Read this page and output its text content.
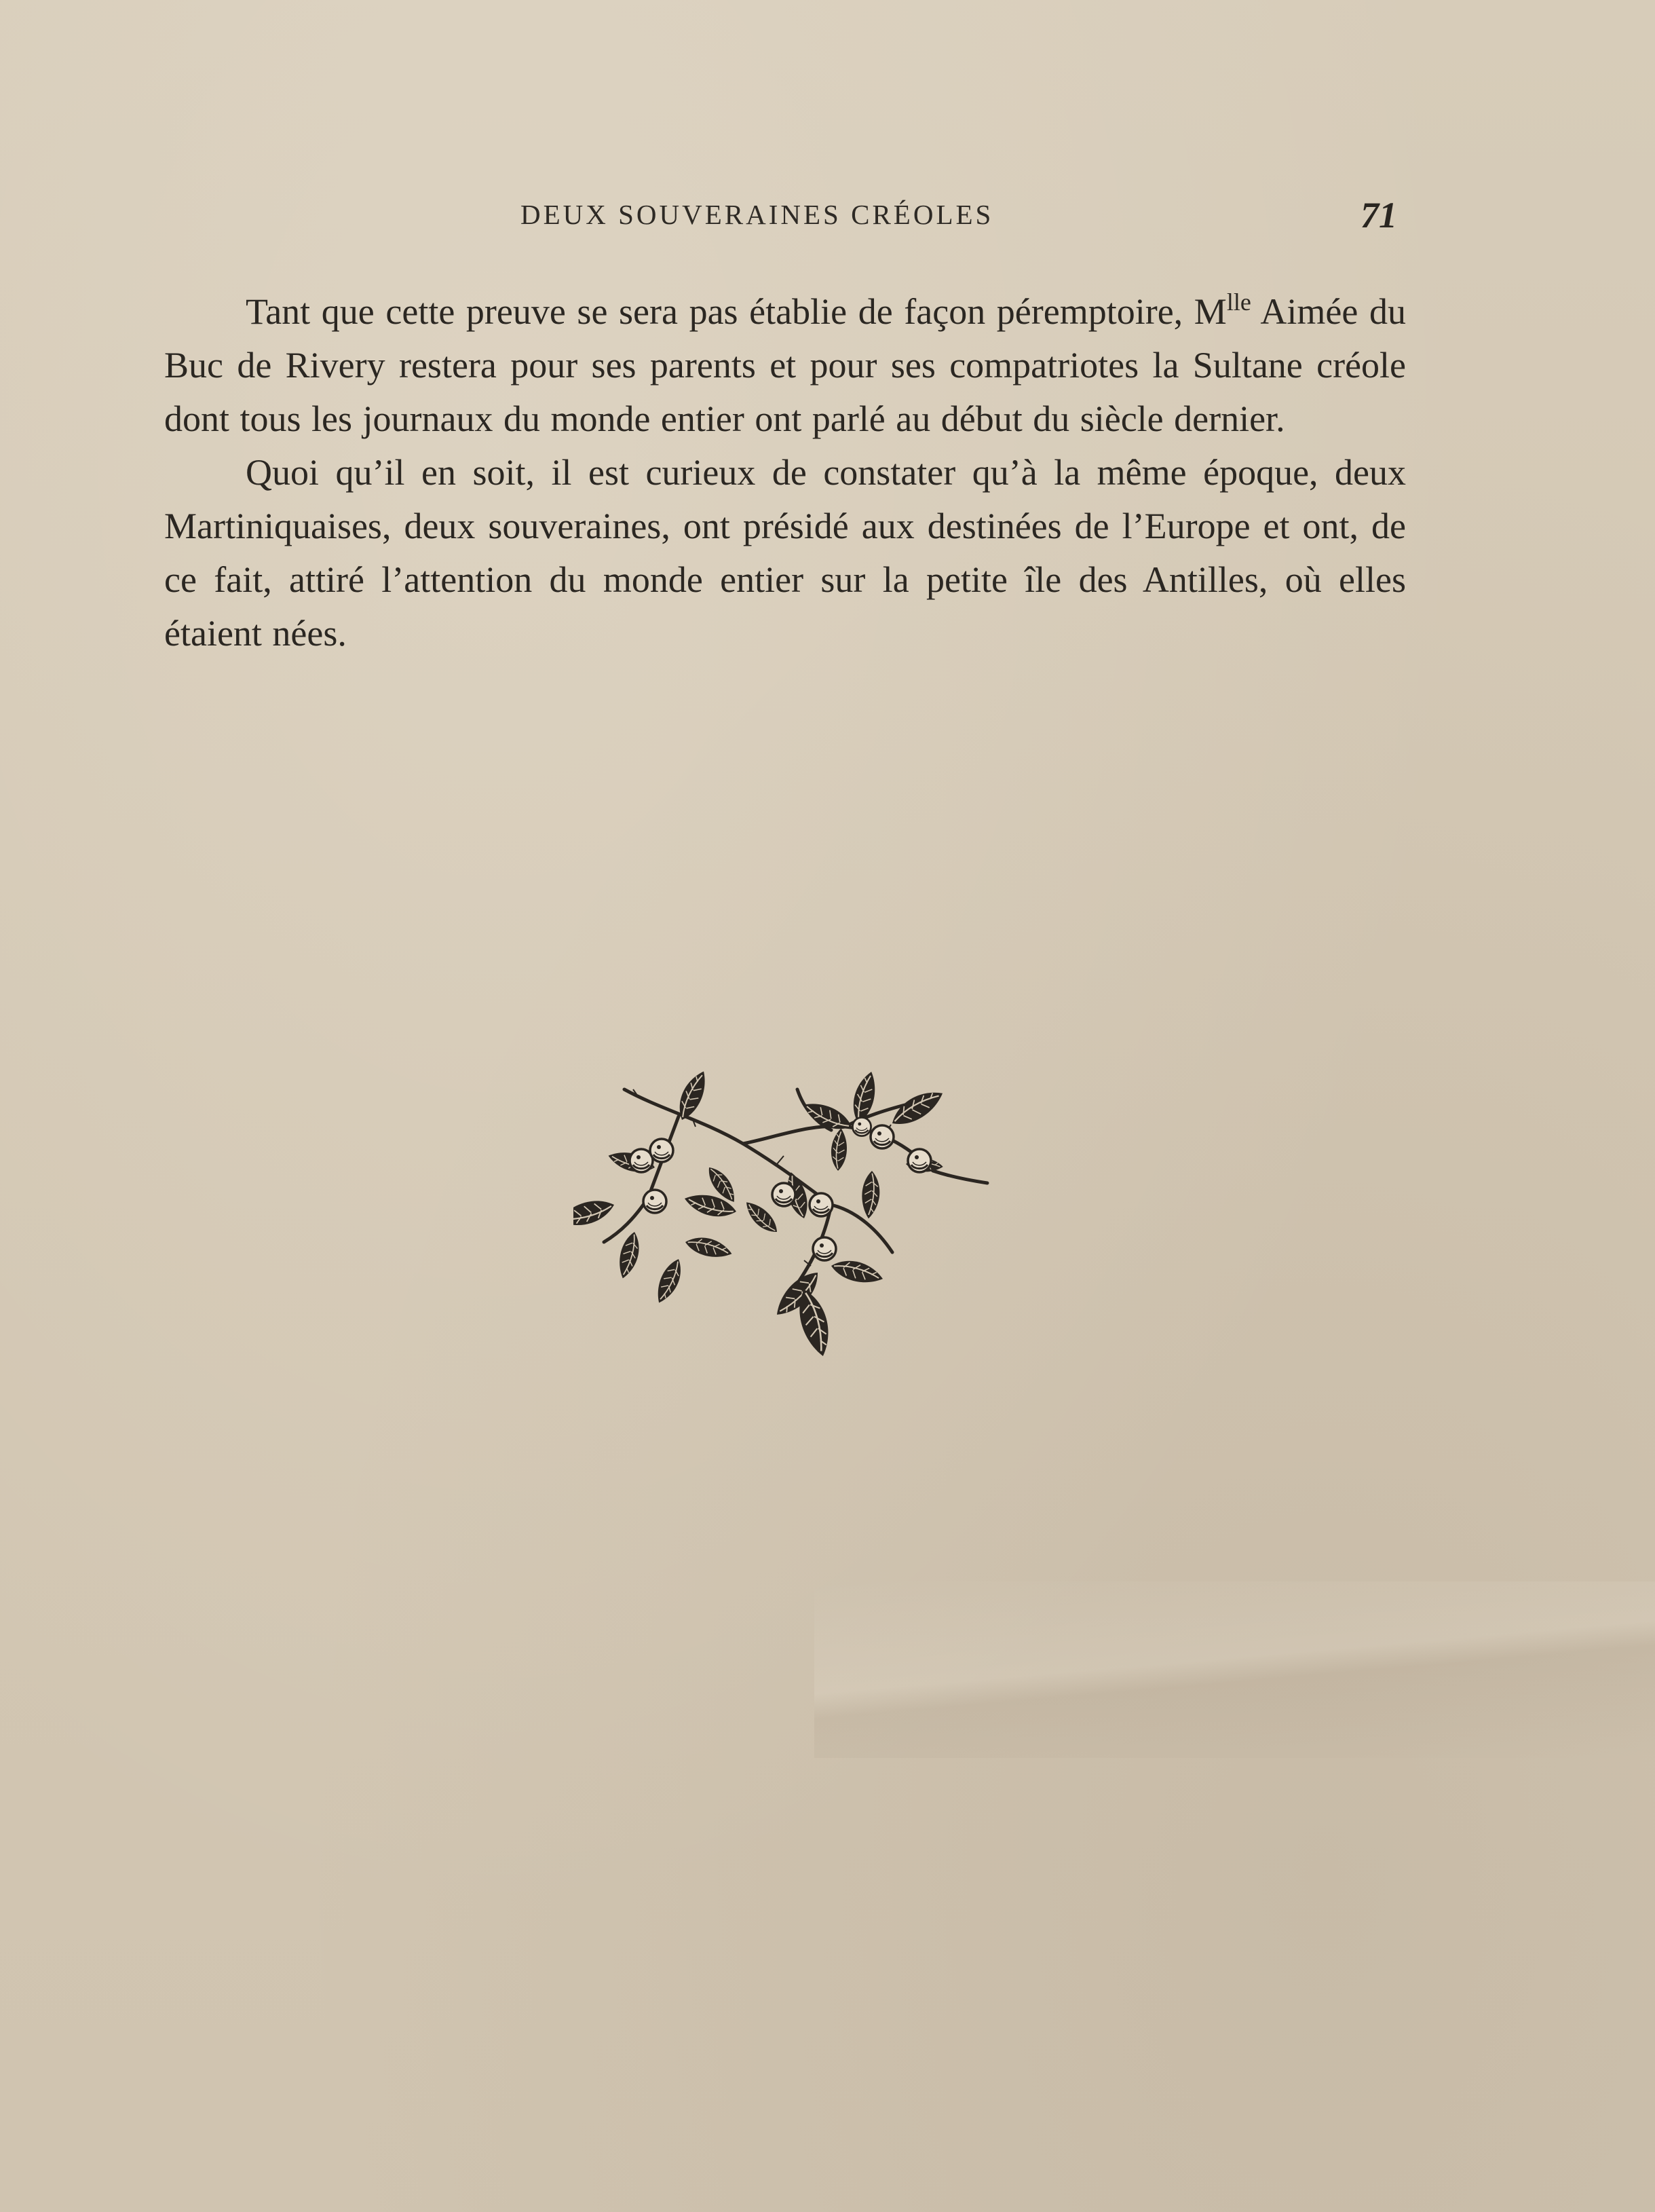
DEUX SOUVERAINES CRÉOLES	71

Tant que cette preuve se sera pas établie de façon péremptoire, $M^{lle}$ Aimée du Buc de Rivery restera pour ses parents et pour ses compatriotes la Sultane créole dont tous les journaux du monde entier ont parlé au début du siècle dernier.

Quoi qu’il en soit, il est curieux de constater qu’à la même époque, deux Martiniquaises, deux souveraines, ont présidé aux destinées de l’Europe et ont, de ce fait, attiré l’attention du monde entier sur la petite île des Antilles, où elles étaient nées.
